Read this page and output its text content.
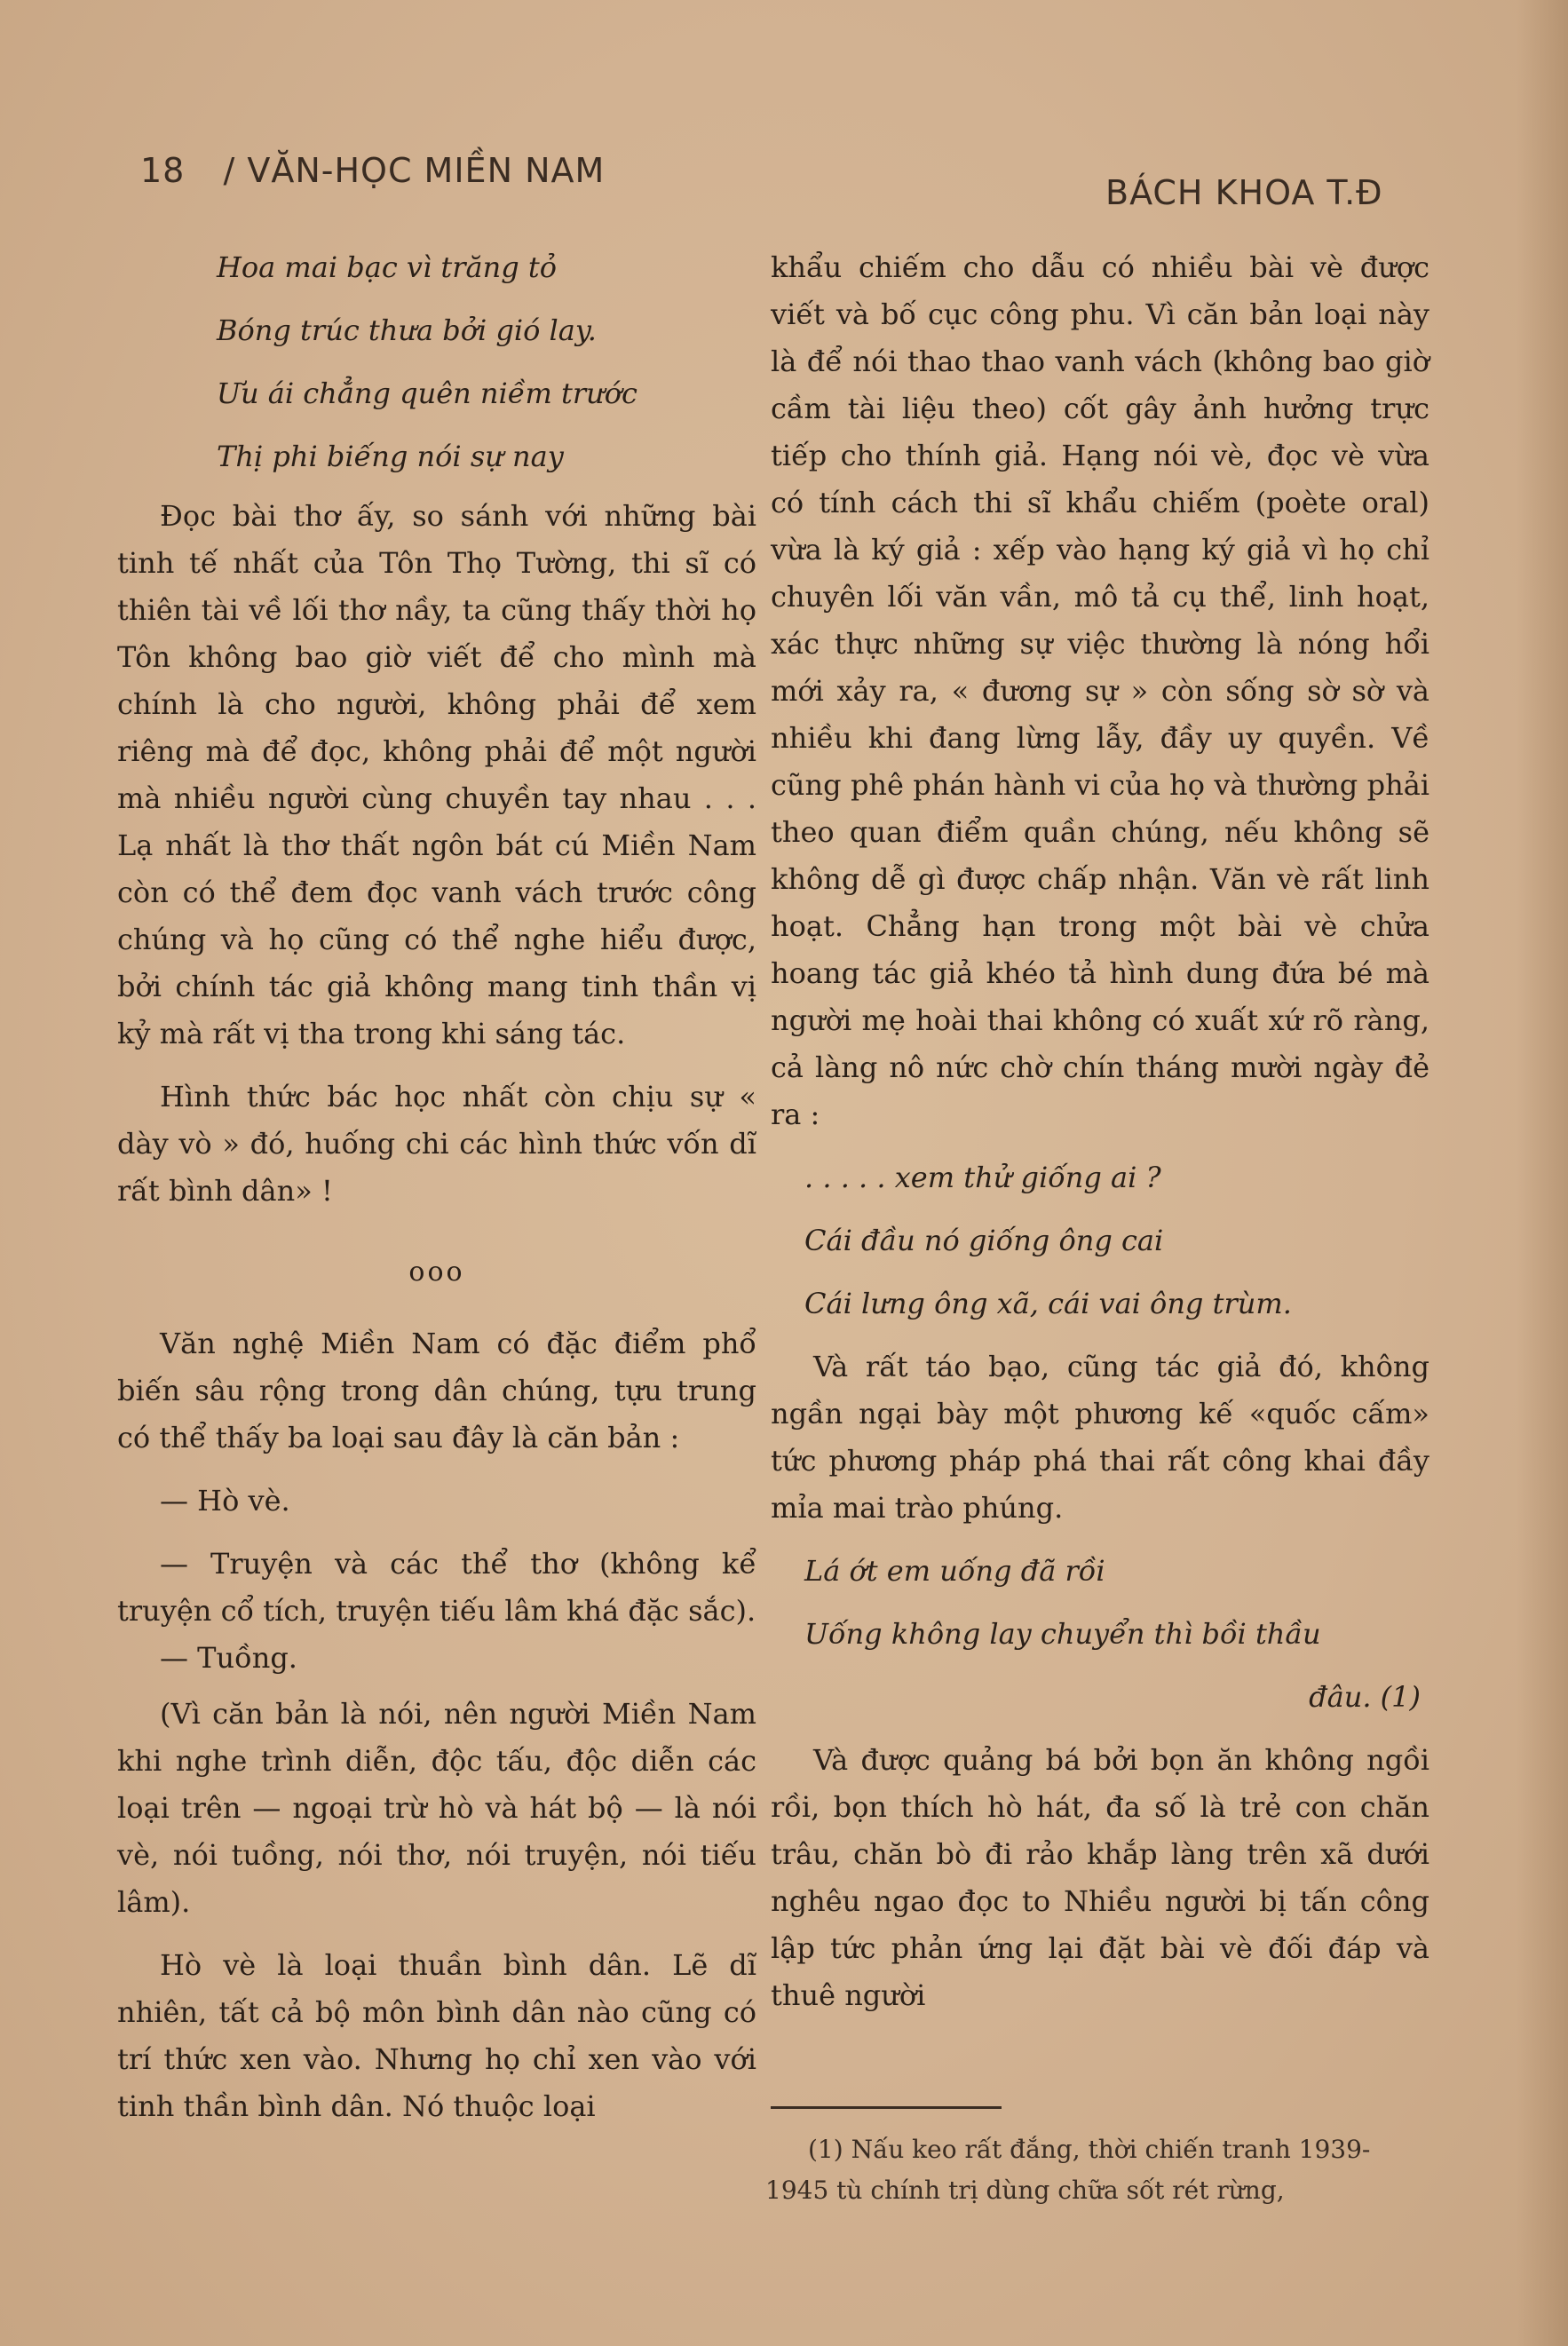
18 / VĂN-HỌC MIỀN NAM
BÁCH KHOA T.Đ

Hoa mai bạc vì trăng tỏ

Bóng trúc thưa bởi gió lay.

Ưu ái chẳng quên niềm trước

Thị phi biếng nói sự nay

Đọc bài thơ ấy, so sánh với những bài tinh tế nhất của Tôn Thọ Tường, thi sĩ có thiên tài về lối thơ nầy, ta cũng thấy thời họ Tôn không bao giờ viết để cho mình mà chính là cho người, không phải để xem riêng mà để đọc, không phải để một người mà nhiều người cùng chuyền tay nhau . . . Lạ nhất là thơ thất ngôn bát cú Miền Nam còn có thể đem đọc vanh vách trước công chúng và họ cũng có thể nghe hiểu được, bởi chính tác giả không mang tinh thần vị kỷ mà rất vị tha trong khi sáng tác.

Hình thức bác học nhất còn chịu sự « dày vò » đó, huống chi các hình thức vốn dĩ rất bình dân» !

ooo

Văn nghệ Miền Nam có đặc điểm phổ biến sâu rộng trong dân chúng, tựu trung có thể thấy ba loại sau đây là căn bản :

— Hò vè.

— Truyện và các thể thơ (không kể truyện cổ tích, truyện tiếu lâm khá đặc sắc).

— Tuồng.

(Vì căn bản là nói, nên người Miền Nam khi nghe trình diễn, độc tấu, độc diễn các loại trên — ngoại trừ hò và hát bộ — là nói vè, nói tuồng, nói thơ, nói truyện, nói tiếu lâm).

Hò vè là loại thuần bình dân. Lẽ dĩ nhiên, tất cả bộ môn bình dân nào cũng có trí thức xen vào. Nhưng họ chỉ xen vào với tinh thần bình dân. Nó thuộc loại

khẩu chiếm cho dẫu có nhiều bài vè được viết và bố cục công phu. Vì căn bản loại này là để nói thao thao vanh vách (không bao giờ cầm tài liệu theo) cốt gây ảnh hưởng trực tiếp cho thính giả. Hạng nói vè, đọc vè vừa có tính cách thi sĩ khẩu chiếm (poète oral) vừa là ký giả : xếp vào hạng ký giả vì họ chỉ chuyên lối văn vần, mô tả cụ thể, linh hoạt, xác thực những sự việc thường là nóng hổi mới xảy ra, « đương sự » còn sống sờ sờ và nhiều khi đang lừng lẫy, đầy uy quyền. Về cũng phê phán hành vi của họ và thường phải theo quan điểm quần chúng, nếu không sẽ không dễ gì được chấp nhận. Văn vè rất linh hoạt. Chẳng hạn trong một bài vè chửa hoang tác giả khéo tả hình dung đứa bé mà người mẹ hoài thai không có xuất xứ rõ ràng, cả làng nô nức chờ chín tháng mười ngày đẻ ra :

. . . . . xem thử giống ai ?

Cái đầu nó giống ông cai

Cái lưng ông xã, cái vai ông trùm.

Và rất táo bạo, cũng tác giả đó, không ngần ngại bày một phương kế «quốc cấm» tức phương pháp phá thai rất công khai đầy mỉa mai trào phúng.

Lá ớt em uống đã rồi

Uống không lay chuyển thì bồi thầu

đâu. (1)

Và được quảng bá bởi bọn ăn không ngồi rồi, bọn thích hò hát, đa số là trẻ con chăn trâu, chăn bò đi rảo khắp làng trên xã dưới nghêu ngao đọc to Nhiều người bị tấn công lập tức phản ứng lại đặt bài vè đối đáp và thuê người

(1) Nấu keo rất đắng, thời chiến tranh 1939-1945 tù chính trị dùng chữa sốt rét rừng,
